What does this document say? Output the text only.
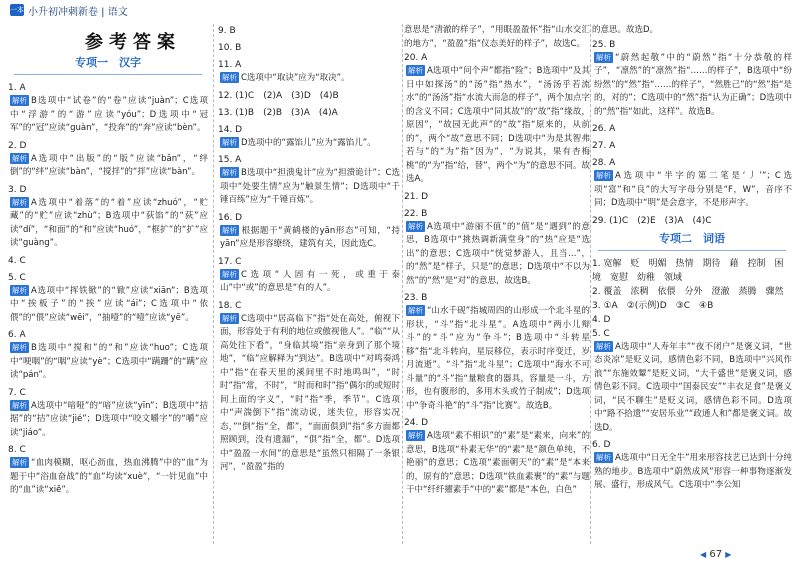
一本 小升初冲刺新卷 | 语文
参考答案
专项一　汉字
1. A
解析 B选项中“试卷”的“卷”应读“juàn”；C选项中“浮游”的“游”应读“yóu”；D选项中“冠军”的“冠”应读“guàn”，“投奔”的“奔”应读“bèn”。
2. D
解析 A选项中“出版”的“版”应读“bǎn”，“绊倒”的“绊”应读“bàn”，“搅拌”的“拌”应读“bàn”。
3. D
解析 A选项中“着落”的“着”应读“zhuó”，“贮藏”的“贮”应读“zhù”；B选项中“荻馅”的“荻”应读“dí”，“和面”的“和”应读“huó”，“框扩”的“扩”应读“guàng”。
4. C
5. C
解析 A选项中“挥铁锨”的“锨”应读“xiān”；B选项中“挨板子”的“挨”应读“ái”；C选项中“依偎”的“偎”应读“wēi”，“抽噎”的“噎”应读“yē”。
6. A
解析 B选项中“搅和”的“和”应读“huo”；C选项中“哽咽”的“咽”应读“yè”；C选项中“蹒跚”的“蹒”应读“pán”。
7. C
解析 A选项中“喑哑”的“喑”应读“yīn”；B选项中“拮据”的“拮”应读“jié”；D选项中“咬文嚼字”的“嚼”应读“jiáo”。
8. C
解析 “血肉模糊，呕心沥血，热血沸腾”中的“血”为题干中“浴血奋战”的“血”均读“xuè”，“一针见血”中的“血”读“xiě”。
9. B
10. B
11. A
解析 C选项中“取诀”应为“取决”。
12. (1)C　(2)A　(3)D　(4)B
13. (1)B　(2)B　(3)A　(4)A
14. D
解析 D选项中的“露馅儿”应为“露馅儿”。
15. A
解析 B选项中“担溃鬼计”应为“担溃诡计”；C选项中“处要生情”应为“触景生情”；D选项中“千锤百练”应为“千锤百炼”。
16. D
解析 根据题干“黄鹤楼的yān形态”可知，“持yān”应是形容缭绕，建筑有关，因此选C。
17. C
解析 C选项“人固有一死，或重于泰山”中“或”的意思是“有的人”。
18. C
解析 C选项中“居高临下”指“处在高处，俯视下面，形容处于有利的地位或傲视他人”。“临”“从高处往下看”，“身临其境”指“亲身到了那个境地”，“临”应解释为“到达”。B选项中“对鸣奏鸿中”指“在春天里的溪间里不时地鸣叫”，“时时”指“常，不时”，“时而和时”指“偶尔的或短时间上面的字义”，“时”指“季，季节”。C选项中“声湍倒下”指“流动说，迷失位，形容实况态，”“倒”指“全，都”，“面面俱到”指“多方面都照顾到，没有遗漏”，“俱”指“全，都”。D选项中“盈盈一水间”的意思是“虽然只相隔了一条银河”，“盈盈”指的
意思是“清澈的样子”，“用眼盈盈怀”指“山水交汇的地方”，“盈盈”指“仪态美好的样子”，故选C。
20. A
解析 A选项中“问个声”都指“险”；B选项中“及其日中如探汤”的“汤”指“热水”，“汤汤乎若流水”的“汤汤”指“水流大而急的样子”，两个加点字的含义不同；C选项中“同其故”的“故”指“缘故，原因”，“故园无此声”的“故”指“原来的，从前的”，两个“故”意思不同；D选项中“为是其智弗若与”的“为”指“因为”，“为说其，果有杏梅桃”的“为”指“给，替”，两个“为”的意思不同。故选A。
21. D
22. B
解析 A选项中“游丽不值”的“值”是“遇到”的意思，B选项中“挑热调新满堂身”的“热”应是“选出”的意思；C选项中“恍觉梦游人，且当…”，的“然”是“样子，只是”的意思；D选项中“不以为然”的“然”是“对”的意思，故选B。
23. B
解析 “山水千砚”指城周四的山形成一个北斗星的形状，“斗”指“北斗星”。A选项中“两小儿辩斗”的“斗”应为“争斗”；B选项中“斗转星移”指“北斗转向，星辰移位，表示时序变迁，岁月流逝”。“斗”指“北斗星”；C选项中“海水不可斗量”的“斗”指“量粮食的器具，容量是一斗，方形，也有腹形的，多用木头或竹子制成”；D选项中“争奇斗艳”的“斗”指“比赛”。故选B。
24. D
解析 A选项“素不相识”的“素”是“素来，向来”的意思，B选项“朴素无华”的“素”是“颜色单纯，不艳丽”的意思；C选项“素面朝天”的“素”是“本来的，原有的”意思；D选项“铁血素裹”的“素”与题干中“纤纤擢素手”中的“素”都是“本色，白色”
的意思。故选D。
25. B
解析 “蔚然起敬”中的“蔚然”指“十分恭敬的样子”，“凛然”的“凛然”指“……的样子”，B选项中“纷纷然”的“然”指“……的样子”，“然胜己”的“然”指“是的，对的”；C选项中的“然”指“认为正确”；D选项中的“然”指“如此，这样”。故选B。
26. A
27. A
28. A
解析 A选项中“半字的第二笔是‘丿’”；C选项“富”和“良”的大写字母分别是“F，W”，音序不同；D选项中“明”是会意字，不是形声字。
29. (1)C　(2)E　(3)A　(4)C
专项二　词语
1. 宽解　贬　明媚　热情　期待　藉　控制　困境　宽慰　幼稚　领域
2. 覆盖　浓稠　依偎　分外　澄澈　蒸腾　骤然
3. ①A　②(示例)D　③C　④B
4. D
5. C
解析 A选项中“人寿年丰”“夜不闭户”是褒义词，“世态炎凉”是贬义词，感情色彩不同，B选项中“兴风作浪”“东施效颦”是贬义词，“大千盛世”是褒义词，感情色彩不同。C选项中“国泰民安”“丰衣足食”是褒义词，“民不聊生”是贬义词，感情色彩不同。D选项中“路不拾遗”“安居乐业”“政通人和”都是褒义词。故选D。
6. D
解析 A选项中“日无全牛”用来形容技艺已达到十分纯熟的地步。B选项中“蔚然成风”形容一种事物逐渐发展、盛行，形成风气。C选项中“李公知
◀ 67 ▶
